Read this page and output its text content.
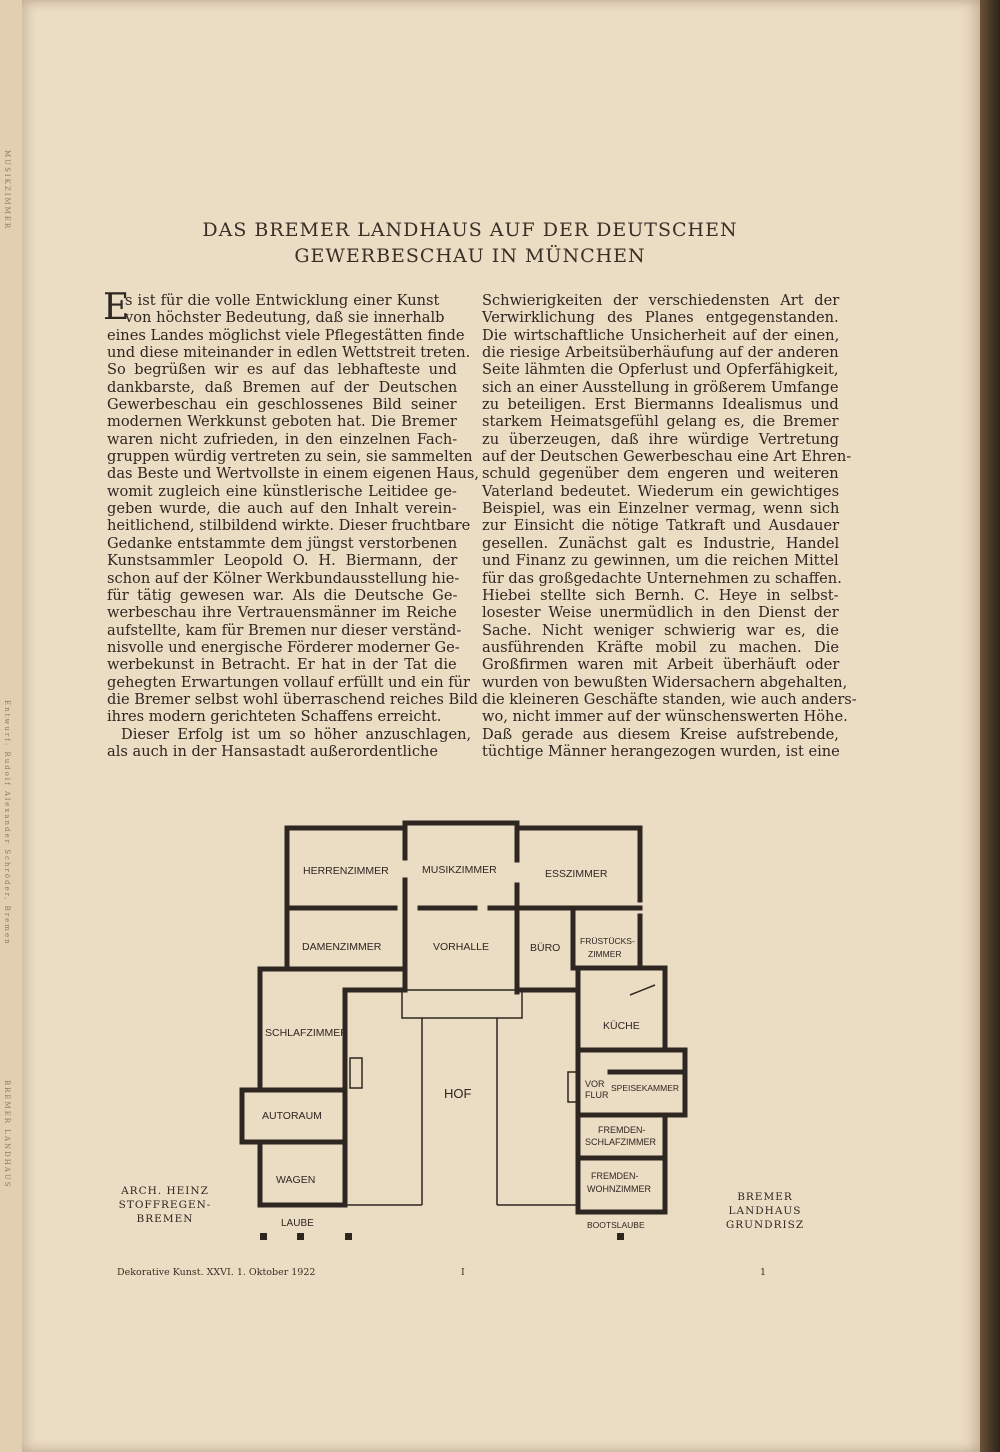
MUSIKZIMMER
Entwurf: Rudolf Alexander Schröder, Bremen
BREMER LANDHAUS
DAS BREMER LANDHAUS AUF DER DEUTSCHEN
GEWERBESCHAU IN MÜNCHEN
E
s ist für die volle Entwicklung einer Kunst
von höchster Bedeutung, daß sie innerhalb
eines Landes möglichst viele Pflegestätten finde
und diese miteinander in edlen Wettstreit treten.
So begrüßen wir es auf das lebhafteste und
dankbarste, daß Bremen auf der Deutschen
Gewerbeschau ein geschlossenes Bild seiner
modernen Werkkunst geboten hat. Die Bremer
waren nicht zufrieden, in den einzelnen Fach-
gruppen würdig vertreten zu sein, sie sammelten
das Beste und Wertvollste in einem eigenen Haus,
womit zugleich eine künstlerische Leitidee ge-
geben wurde, die auch auf den Inhalt verein-
heitlichend, stilbildend wirkte. Dieser fruchtbare
Gedanke entstammte dem jüngst verstorbenen
Kunstsammler Leopold O. H. Biermann, der
schon auf der Kölner Werkbundausstellung hie-
für tätig gewesen war. Als die Deutsche Ge-
werbeschau ihre Vertrauensmänner im Reiche
aufstellte, kam für Bremen nur dieser verständ-
nisvolle und energische Förderer moderner Ge-
werbekunst in Betracht. Er hat in der Tat die
gehegten Erwartungen vollauf erfüllt und ein für
die Bremer selbst wohl überraschend reiches Bild
ihres modern gerichteten Schaffens erreicht.
Dieser Erfolg ist um so höher anzuschlagen,
als auch in der Hansastadt außerordentliche
Schwierigkeiten der verschiedensten Art der
Verwirklichung des Planes entgegenstanden.
Die wirtschaftliche Unsicherheit auf der einen,
die riesige Arbeitsüberhäufung auf der anderen
Seite lähmten die Opferlust und Opferfähigkeit,
sich an einer Ausstellung in größerem Umfange
zu beteiligen. Erst Biermanns Idealismus und
starkem Heimatsgefühl gelang es, die Bremer
zu überzeugen, daß ihre würdige Vertretung
auf der Deutschen Gewerbeschau eine Art Ehren-
schuld gegenüber dem engeren und weiteren
Vaterland bedeutet. Wiederum ein gewichtiges
Beispiel, was ein Einzelner vermag, wenn sich
zur Einsicht die nötige Tatkraft und Ausdauer
gesellen. Zunächst galt es Industrie, Handel
und Finanz zu gewinnen, um die reichen Mittel
für das großgedachte Unternehmen zu schaffen.
Hiebei stellte sich Bernh. C. Heye in selbst-
losester Weise unermüdlich in den Dienst der
Sache. Nicht weniger schwierig war es, die
ausführenden Kräfte mobil zu machen. Die
Großfirmen waren mit Arbeit überhäuft oder
wurden von bewußten Widersachern abgehalten,
die kleineren Geschäfte standen, wie auch anders-
wo, nicht immer auf der wünschenswerten Höhe.
Daß gerade aus diesem Kreise aufstrebende,
tüchtige Männer herangezogen wurden, ist eine
HERRENZIMMER	MUSIKZIMMER	ESSZIMMER
DAMENZIMMER	VORHALLE	BÜRO
FRÜSTÜCKS-
ZIMMER
KÜCHE
SCHLAFZIMMER
HOF
VOR
FLUR
SPEISEKAMMER
AUTORAUM
FREMDEN-
SCHLAFZIMMER
FREMDEN-
WOHNZIMMER
WAGEN
LAUBE	BOOTSLAUBE
ARCH. HEINZ
STOFFREGEN-
BREMEN
BREMER
LANDHAUS
GRUNDRISZ
Dekorative Kunst. XXVI. 1. Oktober 1922	I	1
